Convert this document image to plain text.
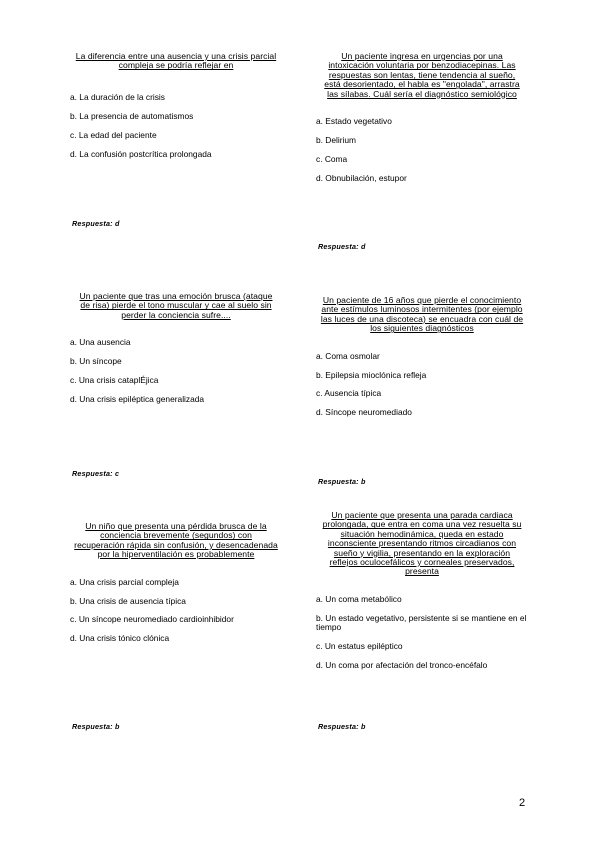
La diferencia entre una ausencia y una crisis parcial compleja se podría reflejar en

a. La duración de la crisis

b. La presencia de automatismos

c. La edad del paciente

d. La confusión postcrítica prolongada

Respuesta: d

Un paciente ingresa en urgencias por una intoxicación voluntaria por benzodiacepinas. Las respuestas son lentas, tiene tendencia al sueño, está desorientado, el habla es "engolada", arrastra las sílabas. Cuál sería el diagnóstico semiológico

a. Estado vegetativo

b. Delirium

c. Coma

d. Obnubilación, estupor

Respuesta: d

Un paciente que tras una emoción brusca (ataque de risa) pierde el tono muscular y cae al suelo sin perder la conciencia sufre....

a. Una ausencia

b. Un síncope

c. Una crisis cataplÉjica

d. Una crisis epiléptica generalizada

Respuesta: c

Un paciente de 16 años que pierde el conocimiento ante estímulos luminosos intermitentes (por ejemplo las luces de una discoteca) se encuadra con cuál de los siguientes diagnósticos

a. Coma osmolar

b. Epilepsia mioclónica refleja

c. Ausencia típica

d. Síncope neuromediado

Respuesta: b

Un niño que presenta una pérdida brusca de la conciencia brevemente (segundos) con recuperación rápida sin confusión, y desencadenada por la hiperventilación es probablemente

a. Una crisis parcial compleja

b. Una crisis de ausencia típica

c. Un síncope neuromediado cardioinhibidor

d. Una crisis tónico clónica

Respuesta: b

Un paciente que presenta una parada cardiaca prolongada, que entra en coma una vez resuelta su situación hemodinámica, queda en estado inconsciente presentando ritmos circadianos con sueño y vigilia, presentando en la exploración reflejos oculocefálicos y corneales preservados, presenta

a. Un coma metabólico

b. Un estado vegetativo, persistente si se mantiene en el tiempo

c. Un estatus epiléptico

d. Un coma por afectación del tronco-encéfalo

Respuesta: b
2
